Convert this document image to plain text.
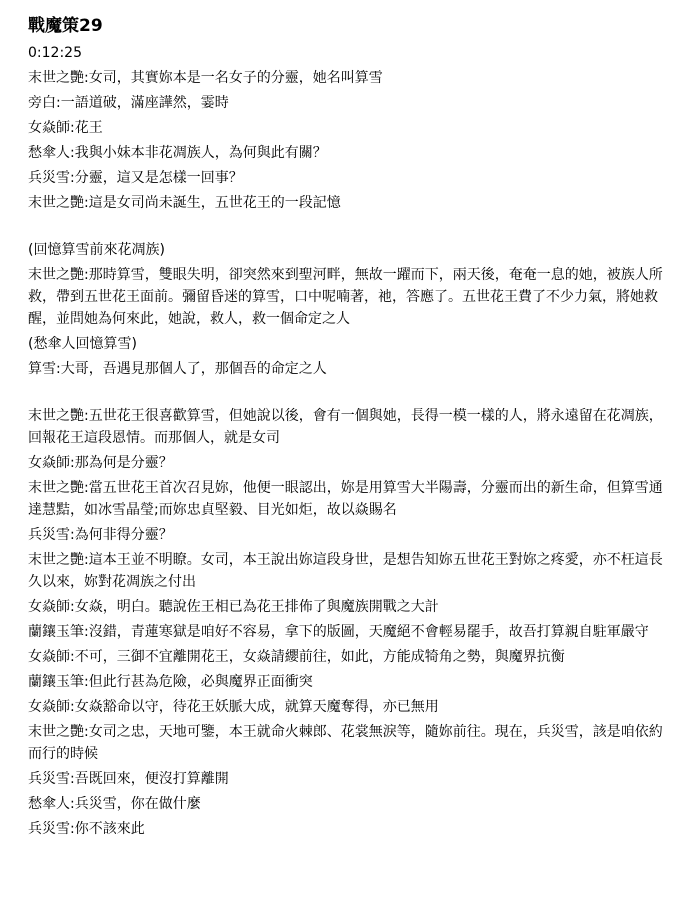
戰魔策29
0:12:25
末世之艷:女司，其實妳本是一名女子的分靈，她名叫算雪
旁白:一語道破，滿座譁然，霎時
女焱師:花王
愁傘人:我與小妹本非花凋族人，為何與此有關？
兵災雪:分靈，這又是怎樣一回事？
末世之艷:這是女司尚未誕生，五世花王的一段記憶
(回憶算雪前來花凋族)
末世之艷:那時算雪，雙眼失明，卻突然來到聖河畔，無故一躍而下，兩天後，奄奄一息的她，被族人所救，帶到五世花王面前。彌留昏迷的算雪，口中呢喃著，祂，答應了。五世花王費了不少力氣，將她救醒，並問她為何來此，她說，救人，救一個命定之人
(愁傘人回憶算雪)
算雪:大哥，吾遇見那個人了，那個吾的命定之人
末世之艷:五世花王很喜歡算雪，但她說以後，會有一個與她，長得一模一樣的人，將永遠留在花凋族，回報花王這段恩情。而那個人，就是女司
女焱師:那為何是分靈？
末世之艷:當五世花王首次召見妳，他便一眼認出，妳是用算雪大半陽壽，分靈而出的新生命，但算雪通達慧黠，如冰雪晶瑩;而妳忠貞堅毅、目光如炬，故以焱賜名
兵災雪:為何非得分靈？
末世之艷:這本王並不明瞭。女司，本王說出妳這段身世，是想告知妳五世花王對妳之疼愛，亦不枉這長久以來，妳對花凋族之付出
女焱師:女焱，明白。聽說佐王相已為花王排佈了與魔族開戰之大計
蘭鑲玉筆:沒錯，青蓮寒獄是咱好不容易，拿下的版圖，天魔絕不會輕易罷手，故吾打算親自駐軍嚴守
女焱師:不可，三御不宜離開花王，女焱請纓前往，如此，方能成犄角之勢，與魔界抗衡
蘭鑲玉筆:但此行甚為危險，必與魔界正面衝突
女焱師:女焱豁命以守，待花王妖脈大成，就算天魔奪得，亦已無用
末世之艷:女司之忠，天地可鑒，本王就命火棘郎、花裳無淚等，隨妳前往。現在，兵災雪，該是咱依約而行的時候
兵災雪:吾既回來，便沒打算離開
愁傘人:兵災雪，你在做什麼
兵災雪:你不該來此
